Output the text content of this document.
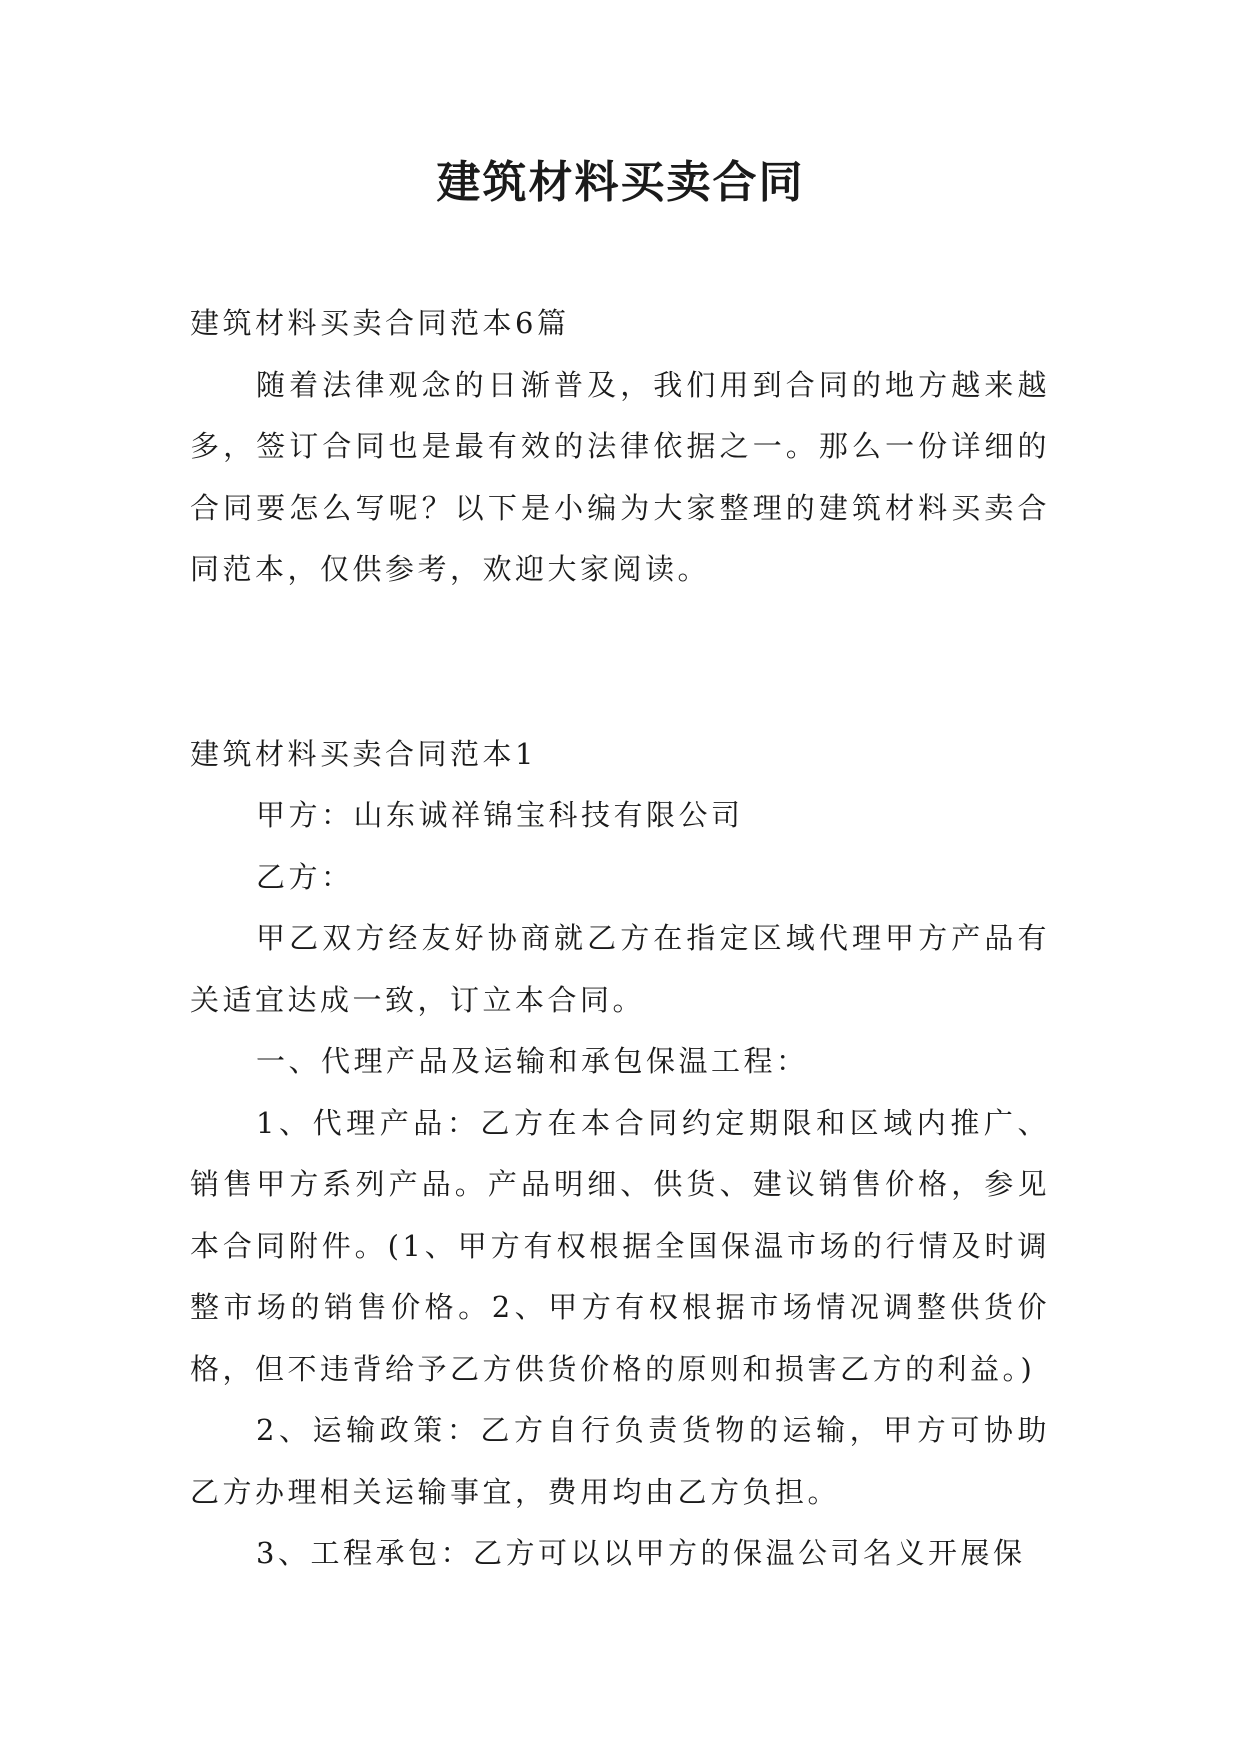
建筑材料买卖合同

建筑材料买卖合同范本6篇

随着法律观念的日渐普及，我们用到合同的地方越来越多，签订合同也是最有效的法律依据之一。那么一份详细的合同要怎么写呢？以下是小编为大家整理的建筑材料买卖合同范本，仅供参考，欢迎大家阅读。

建筑材料买卖合同范本1

甲方：山东诚祥锦宝科技有限公司

乙方：

甲乙双方经友好协商就乙方在指定区域代理甲方产品有关适宜达成一致，订立本合同。

一、代理产品及运输和承包保温工程：

1、代理产品：乙方在本合同约定期限和区域内推广、销售甲方系列产品。产品明细、供货、建议销售价格，参见本合同附件。(1、甲方有权根据全国保温市场的行情及时调整市场的销售价格。2、甲方有权根据市场情况调整供货价格，但不违背给予乙方供货价格的原则和损害乙方的利益。)

2、运输政策：乙方自行负责货物的运输，甲方可协助乙方办理相关运输事宜，费用均由乙方负担。

3、工程承包：乙方可以以甲方的保温公司名义开展保
